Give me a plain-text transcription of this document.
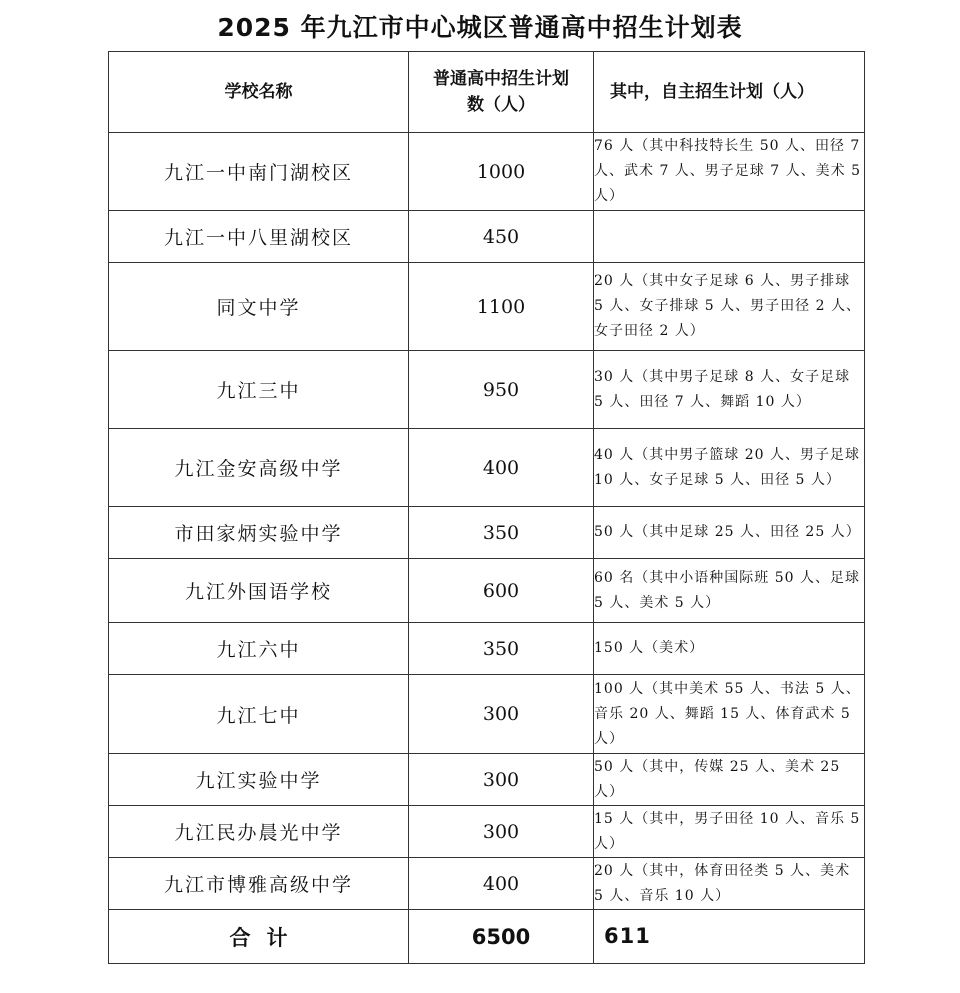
2025 年九江市中心城区普通高中招生计划表
学校名称	普通高中招生计划数（人）	其中，自主招生计划（人）
九江一中南门湖校区	1000	76 人（其中科技特长生 50 人、田径 7 人、武术 7 人、男子足球 7 人、美术 5 人）
九江一中八里湖校区	450	
同文中学	1100	20 人（其中女子足球 6 人、男子排球 5 人、女子排球 5 人、男子田径 2 人、女子田径 2 人）
九江三中	950	30 人（其中男子足球 8 人、女子足球 5 人、田径 7 人、舞蹈 10 人）
九江金安高级中学	400	40 人（其中男子篮球 20 人、男子足球 10 人、女子足球 5 人、田径 5 人）
市田家炳实验中学	350	50 人（其中足球 25 人、田径 25 人）
九江外国语学校	600	60 名（其中小语种国际班 50 人、足球 5 人、美术 5 人）
九江六中	350	150 人（美术）
九江七中	300	100 人（其中美术 55 人、书法 5 人、音乐 20 人、舞蹈 15 人、体育武术 5 人）
九江实验中学	300	50 人（其中，传媒 25 人、美术 25 人）
九江民办晨光中学	300	15 人（其中，男子田径 10 人、音乐 5 人）
九江市博雅高级中学	400	20 人（其中，体育田径类 5 人、美术 5 人、音乐 10 人）
合计	6500	611
